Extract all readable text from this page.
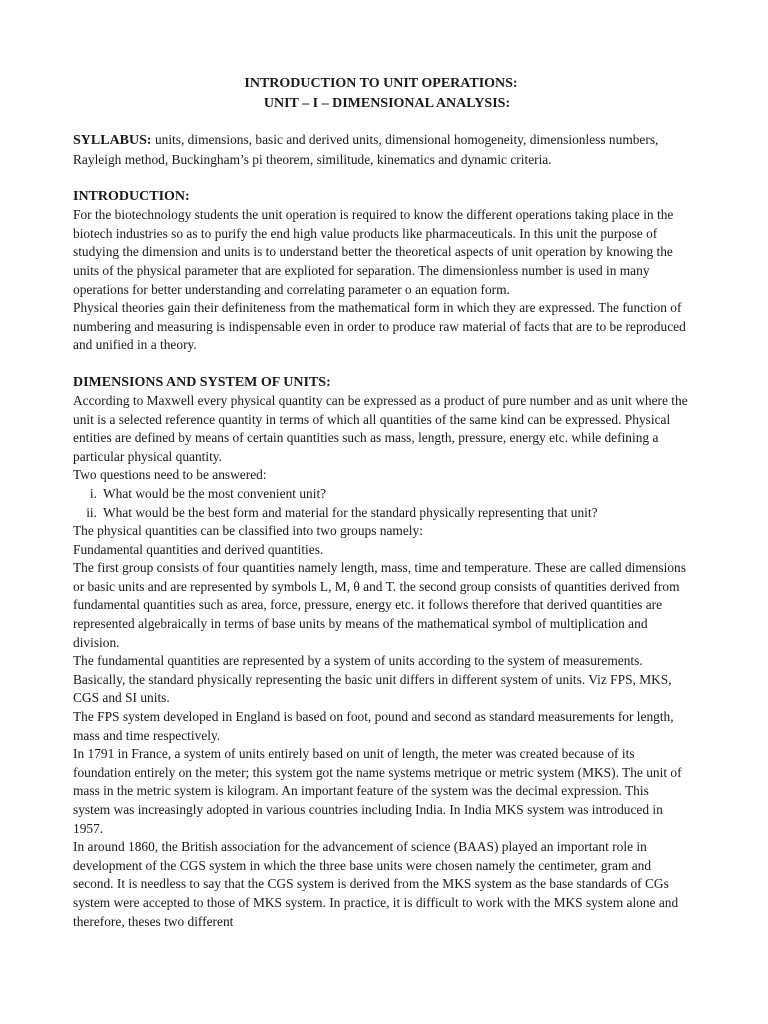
INTRODUCTION TO UNIT OPERATIONS:

UNIT – I – DIMENSIONAL ANALYSIS:

SYLLABUS: units, dimensions, basic and derived units, dimensional homogeneity, dimensionless numbers, Rayleigh method, Buckingham’s pi theorem, similitude, kinematics and dynamic criteria.

INTRODUCTION:

For the biotechnology students the unit operation is required to know the different operations taking place in the biotech industries so as to purify the end high value products like pharmaceuticals. In this unit the purpose of studying the dimension and units is to understand better the theoretical aspects of unit operation by knowing the units of the physical parameter that are explioted for separation. The dimensionless number is used in many operations for better understanding and correlating parameter o an equation form.

Physical theories gain their definiteness from the mathematical form in which they are expressed. The function of numbering and measuring is indispensable even in order to produce raw material of facts that are to be reproduced and unified in a theory.

DIMENSIONS AND SYSTEM OF UNITS:

According to Maxwell every physical quantity can be expressed as a product of pure number and as unit where the unit is a selected reference quantity in terms of which all quantities of the same kind can be expressed. Physical entities are defined by means of certain quantities such as mass, length, pressure, energy etc. while defining a particular physical quantity.

Two questions need to be answered:

i. What would be the most convenient unit?
ii. What would be the best form and material for the standard physically representing that unit?

The physical quantities can be classified into two groups namely:

Fundamental quantities and derived quantities.

The first group consists of four quantities namely length, mass, time and temperature. These are called dimensions or basic units and are represented by symbols L, M, θ and T. the second group consists of quantities derived from fundamental quantities such as area, force, pressure, energy etc. it follows therefore that derived quantities are represented algebraically in terms of base units by means of the mathematical symbol of multiplication and division.

The fundamental quantities are represented by a system of units according to the system of measurements. Basically, the standard physically representing the basic unit differs in different system of units. Viz FPS, MKS, CGS and SI units.

The FPS system developed in England is based on foot, pound and second as standard measurements for length, mass and time respectively.

In 1791 in France, a system of units entirely based on unit of length, the meter was created because of its foundation entirely on the meter; this system got the name systems metrique or metric system (MKS). The unit of mass in the metric system is kilogram. An important feature of the system was the decimal expression. This system was increasingly adopted in various countries including India. In India MKS system was introduced in 1957.

In around 1860, the British association for the advancement of science (BAAS) played an important role in development of the CGS system in which the three base units were chosen namely the centimeter, gram and second. It is needless to say that the CGS system is derived from the MKS system as the base standards of CGs system were accepted to those of MKS system. In practice, it is difficult to work with the MKS system alone and therefore, theses two different
